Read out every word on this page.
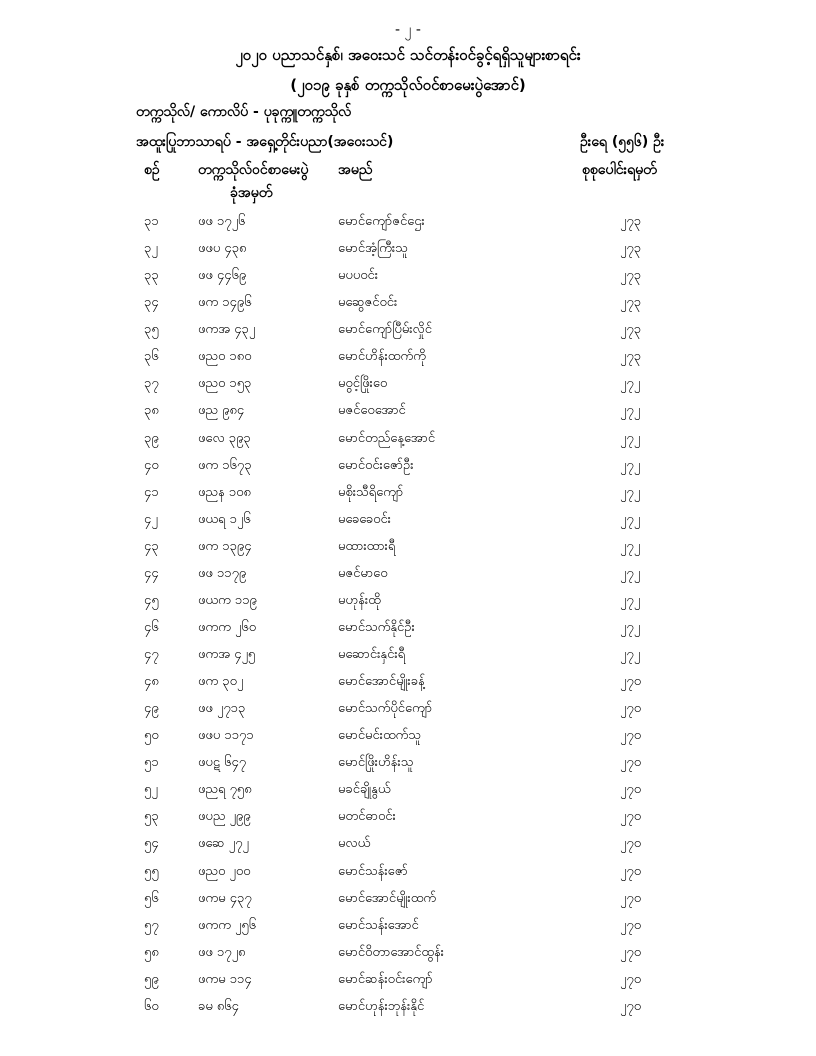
- ၂ -
၂၀၂၀ ပညာသင်နှစ်၊ အဝေးသင် သင်တန်းဝင်ခွင့်ရရှိသူများစာရင်း
(၂၀၁၉ ခုနှစ် တက္ကသိုလ်ဝင်စာမေးပွဲအောင်)
တက္ကသိုလ်/ ကောလိပ် - ပုခုက္ကူတက္ကသိုလ်
အထူးပြုဘာသာရပ် - အရှေ့တိုင်းပညာ(အဝေးသင်)	ဦးရေ (၅၅၆) ဦး
စဉ်	တက္ကသိုလ်ဝင်စာမေးပွဲ
ခုံအမှတ်
အမည်	စုစုပေါင်းရမှတ်
၃၁	ဖဖ ၁၇၂၆	မောင်ကျော်ဇင်ဌေး	၂၇၃
၃၂	ဖဖပ ၄၃၈	မောင်အံ့ကြီးသူ	၂၇၃
၃၃	ဖဖ ၄၄၆၉	မပပဝင်း	၂၇၃
၃၄	ဖက ၁၄၉၆	မဆွေဇင်ဝင်း	၂၇၃
၃၅	ဖကအ ၄၃၂	မောင်ကျော်ပြီမ်းလှိုင်	၂၇၃
၃၆	ဖညဝ ၁၈၀	မောင်ဟိန်းထက်ကို	၂၇၃
၃၇	ဖညဝ ၁၅၃	မဝွင့်ဖြိုးဝေ	၂၇၂
၃၈	ဖည ၉၈၄	မဇင်ဝေအောင်	၂၇၂
၃၉	ဖလေ ၃၉၃	မောင်တည်နေ့အောင်	၂၇၂
၄၀	ဖက ၁၆၇၃	မောင်ဝင်းဇော်ဦး	၂၇၂
၄၁	ဖညန ၁၀၈	မစိုးသီရိကျော်	၂၇၂
၄၂	ဖယရ ၁၂၆	မခေခေဝင်း	၂၇၂
၄၃	ဖက ၁၃၉၄	မထားထားရီ	၂၇၂
၄၄	ဖဖ ၁၁၇၉	မဇင်မာဝေ	၂၇၂
၄၅	ဖယက ၁၁၉	မဟုန်းထို	၂၇၂
၄၆	ဖကက ၂၆၀	မောင်သက်နိုင်ဦး	၂၇၂
၄၇	ဖကအ ၄၂၅	မဆောင်းနှင်းရီ	၂၇၂
၄၈	ဖက ၃၀၂	မောင်အောင်မျိုးခန့်	၂၇၀
၄၉	ဖဖ ၂၇၁၃	မောင်သက်ပိုင်ကျော်	၂၇၀
၅၀	ဖဖပ ၁၁၇၁	မောင်မင်းထက်သူ	၂၇၀
၅၁	ဖပဋ ၆၄၇	မောင်ဖြိုးဟိန်းသူ	၂၇၀
၅၂	ဖညရ ၇၅၈	မခင်ချိုနွယ်	၂၇၀
၅၃	ဖပည ၂၉၉	မတင်ဓာဝင်း	၂၇၀
၅၄	ဖဆေ ၂၇၂	မလယ်	၂၇၀
၅၅	ဖညဝ ၂၀၀	မောင်သန်းဇော်	၂၇၀
၅၆	ဖကမ ၄၃၇	မောင်အောင်မျိုးထက်	၂၇၀
၅၇	ဖကက ၂၅၆	မောင်သန်းအောင်	၂၇၀
၅၈	ဖဖ ၁၇၂၈	မောင်ဝိတာအောင်ထွန်း	၂၇၀
၅၉	ဖကမ ၁၁၄	မောင်ဆန်းဝင်းကျော်	၂၇၀
၆၀	ခမ ၈၆၄	မောင်ဟုန်းဘုန်းနိုင်	၂၇၀
